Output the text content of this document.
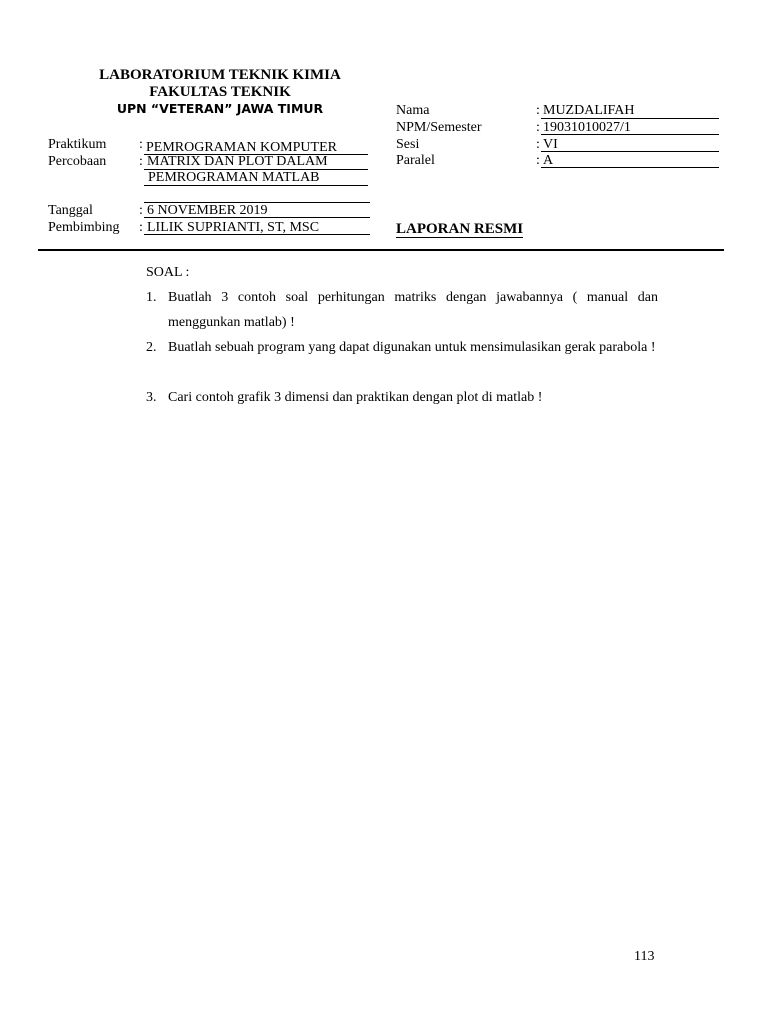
LABORATORIUM TEKNIK KIMIA
FAKULTAS TEKNIK
UPN “VETERAN” JAWA TIMUR
Praktikum : PEMROGRAMAN KOMPUTER
Percobaan : MATRIX DAN PLOT DALAM
PEMROGRAMAN MATLAB
Tanggal	: 6 NOVEMBER 2019
Pembimbing : LILIK SUPRIANTI, ST, MSC
Nama	: MUZDALIFAH
NPM/Semester	: 19031010027/1
Sesi	: VI
Paralel	: A
LAPORAN RESMI
SOAL :
1. Buatlah 3 contoh soal perhitungan matriks dengan jawabannya ( manual dan menggunkan matlab) !
2. Buatlah sebuah program yang dapat digunakan untuk mensimulasikan gerak parabola !
3. Cari contoh grafik 3 dimensi dan praktikan dengan plot di matlab !
113
